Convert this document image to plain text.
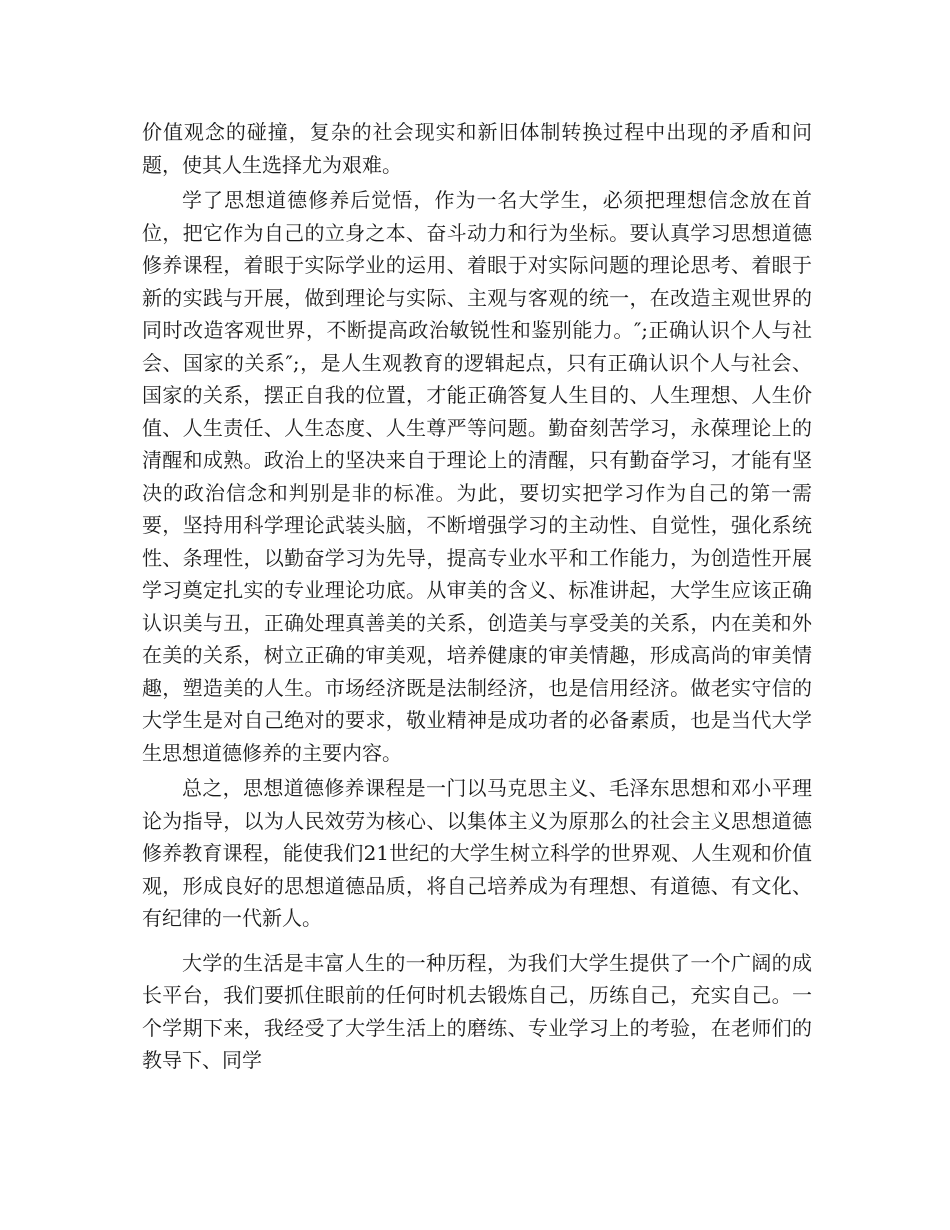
价值观念的碰撞，复杂的社会现实和新旧体制转换过程中出现的矛盾和问题，使其人生选择尤为艰难。

学了思想道德修养后觉悟，作为一名大学生，必须把理想信念放在首位，把它作为自己的立身之本、奋斗动力和行为坐标。要认真学习思想道德修养课程，着眼于实际学业的运用、着眼于对实际问题的理论思考、着眼于新的实践与开展，做到理论与实际、主观与客观的统一，在改造主观世界的同时改造客观世界，不断提高政治敏锐性和鉴别能力。″;正确认识个人与社会、国家的关系″;，是人生观教育的逻辑起点，只有正确认识个人与社会、国家的关系，摆正自我的位置，才能正确答复人生目的、人生理想、人生价值、人生责任、人生态度、人生尊严等问题。勤奋刻苦学习，永葆理论上的清醒和成熟。政治上的坚决来自于理论上的清醒，只有勤奋学习，才能有坚决的政治信念和判别是非的标准。为此，要切实把学习作为自己的第一需要，坚持用科学理论武装头脑，不断增强学习的主动性、自觉性，强化系统性、条理性，以勤奋学习为先导，提高专业水平和工作能力，为创造性开展学习奠定扎实的专业理论功底。从审美的含义、标准讲起，大学生应该正确认识美与丑，正确处理真善美的关系，创造美与享受美的关系，内在美和外在美的关系，树立正确的审美观，培养健康的审美情趣，形成高尚的审美情趣，塑造美的人生。市场经济既是法制经济，也是信用经济。做老实守信的大学生是对自己绝对的要求，敬业精神是成功者的必备素质，也是当代大学生思想道德修养的主要内容。

总之，思想道德修养课程是一门以马克思主义、毛泽东思想和邓小平理论为指导，以为人民效劳为核心、以集体主义为原那么的社会主义思想道德修养教育课程，能使我们21世纪的大学生树立科学的世界观、人生观和价值观，形成良好的思想道德品质，将自己培养成为有理想、有道德、有文化、有纪律的一代新人。

大学的生活是丰富人生的一种历程，为我们大学生提供了一个广阔的成长平台，我们要抓住眼前的任何时机去锻炼自己，历练自己，充实自己。一个学期下来，我经受了大学生活上的磨练、专业学习上的考验，在老师们的教导下、同学
